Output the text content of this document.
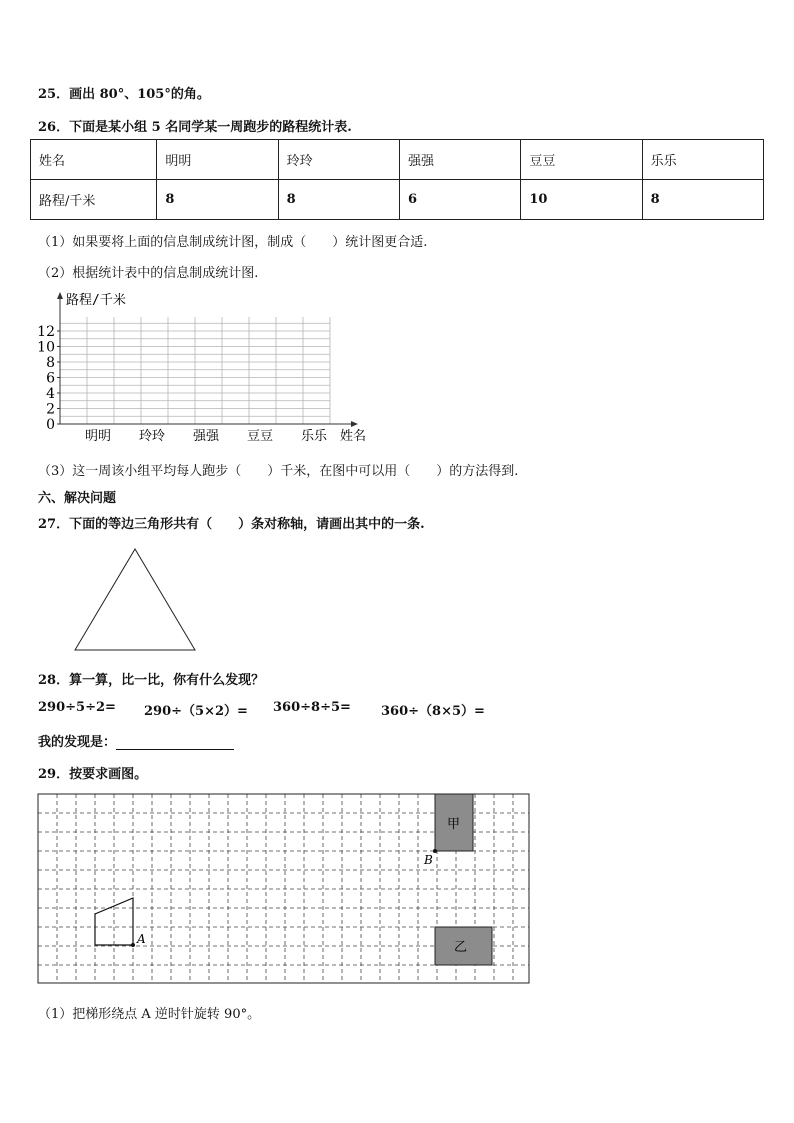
25．画出 80°、105°的角。
26．下面是某小组 5 名同学某一周跑步的路程统计表.
姓名	明明	玲玲	强强	豆豆	乐乐
路程/千米	8	8	6	10	8
（1）如果要将上面的信息制成统计图，制成（　　）统计图更合适.
（2）根据统计表中的信息制成统计图.
路程/千米
姓名
0
2
4
6
8
10
12
明明 玲玲 强强 豆豆 乐乐
（3）这一周该小组平均每人跑步（　　）千米，在图中可以用（　　）的方法得到.
六、解决问题
27．下面的等边三角形共有（　　）条对称轴，请画出其中的一条.
28．算一算，比一比，你有什么发现？
290÷5÷2= 290÷（5×2）= 360÷8÷5= 360÷（8×5）=
我的发现是：
29．按要求画图。
甲
乙
B
A
（1）把梯形绕点 A 逆时针旋转 90°。
